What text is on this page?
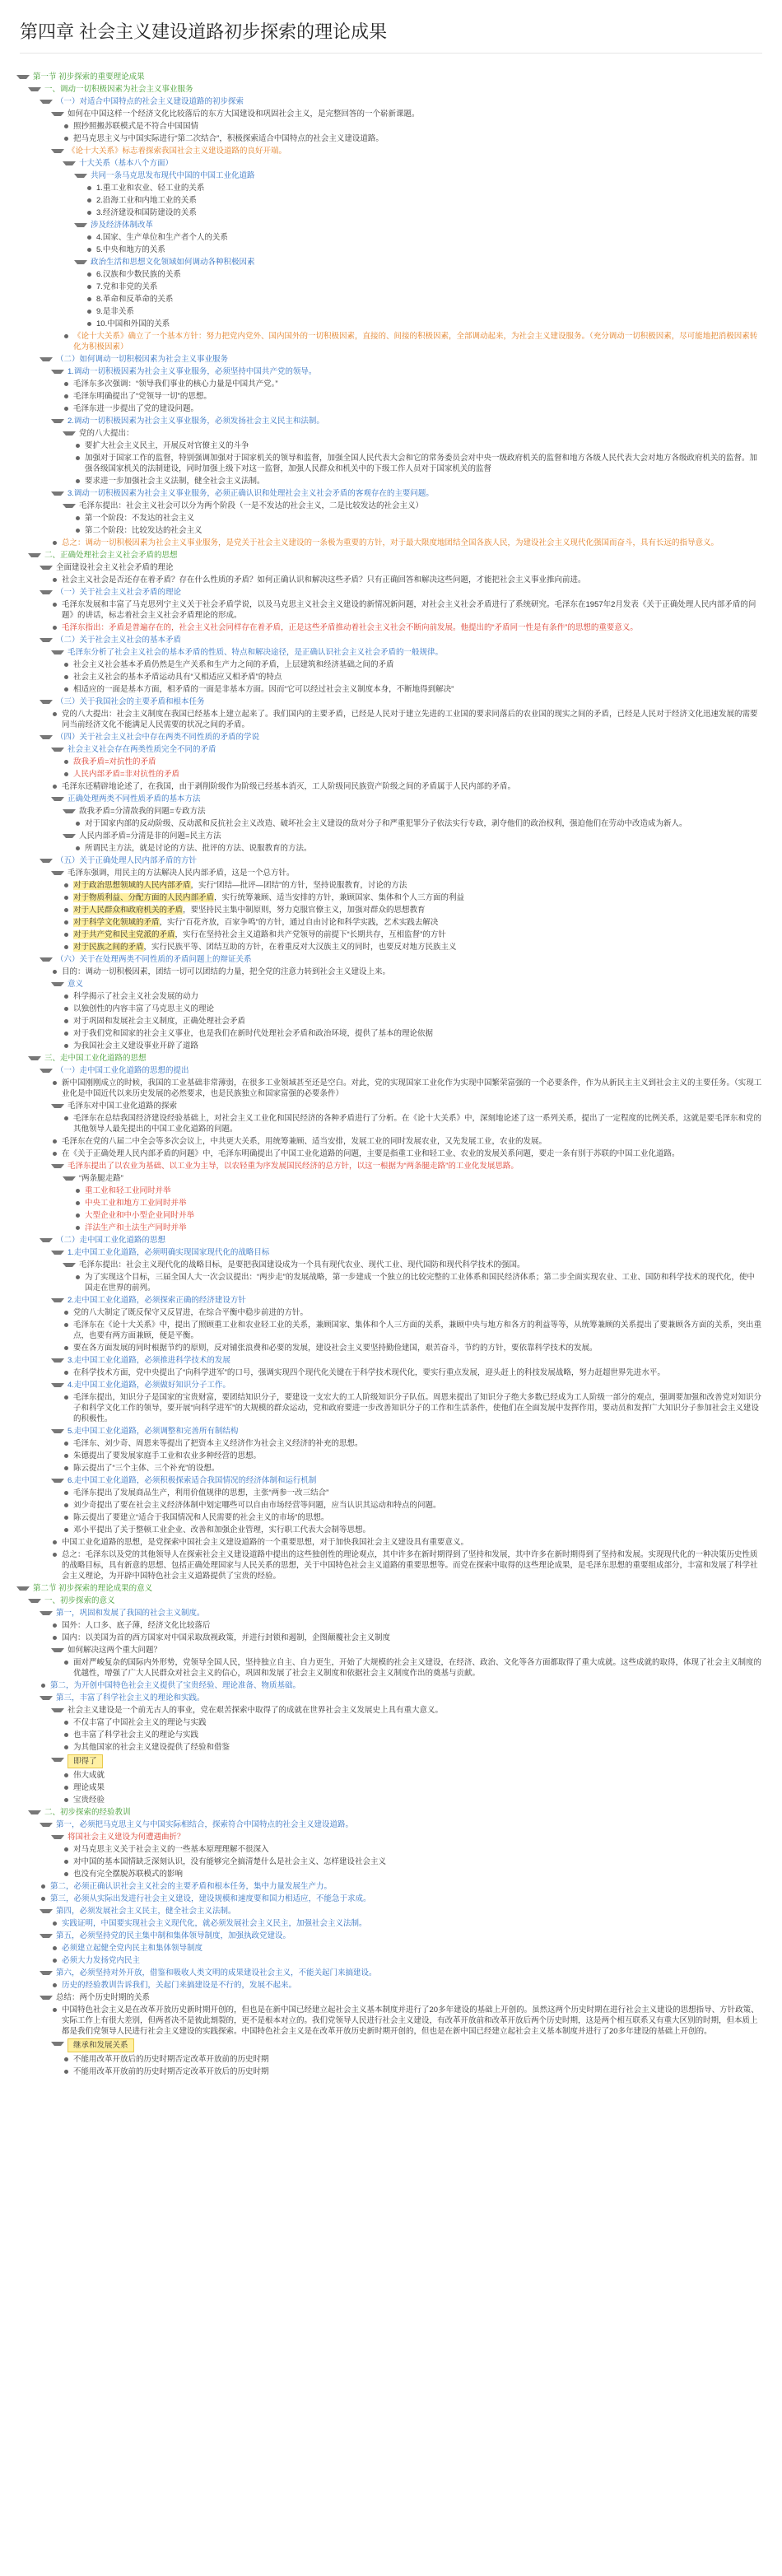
第四章 社会主义建设道路初步探索的理论成果
第一节 初步探索的重要理论成果
一、调动一切积极因素为社会主义事业服务
（一）对适合中国特点的社会主义建设道路的初步探索
如何在中国这样一个经济文化比较落后的东方大国建设和巩固社会主义，是完整回答的一个崭新课题。
照抄照搬苏联模式是不符合中国国情
把马克思主义与中国实际进行“第二次结合”，积极探索适合中国特点的社会主义建设道路。
《论十大关系》标志着探索我国社会主义建设道路的良好开端。
十大关系（基本八个方面）
共同一条马克思发布现代中国的中国工业化道路
1.重工业和农业、轻工业的关系
2.沿海工业和内地工业的关系
3.经济建设和国防建设的关系
涉及经济体制改革
4.国家、生产单位和生产者个人的关系
5.中央和地方的关系
政治生活和思想文化领域如何调动各种积极因素
6.汉族和少数民族的关系
7.党和非党的关系
8.革命和反革命的关系
9.是非关系
10.中国和外国的关系
《论十大关系》确立了一个基本方针：努力把党内党外、国内国外的一切积极因素，直接的、间接的积极因素，全部调动起来，为社会主义建设服务。（充分调动一切积极因素，尽可能地把消极因素转化为积极因素）
（二）如何调动一切积极因素为社会主义事业服务
1.调动一切积极因素为社会主义事业服务，必须坚持中国共产党的领导。
毛泽东多次强调：“领导我们事业的核心力量是中国共产党。”
毛泽东明确提出了“党领导一切”的思想。
毛泽东进一步提出了党的建设问题。
2.调动一切积极因素为社会主义事业服务，必须发扬社会主义民主和法制。
党的八大提出：
要扩大社会主义民主，开展反对官僚主义的斗争
加强对于国家工作的监督，特别强调加强对于国家机关的领导和监督，加强全国人民代表大会和它的常务委员会对中央一级政府机关的监督和地方各级人民代表大会对地方各级政府机关的监督。加强各级国家机关的法制建设，同时加强上级下对这一监督，加强人民群众和机关中的下级工作人员对于国家机关的监督
要求进一步加强社会主义法制，健全社会主义法制。
3.调动一切积极因素为社会主义事业服务，必须正确认识和处理社会主义社会矛盾的客观存在的主要问题。
毛泽东提出：社会主义社会可以分为两个阶段（一是不发达的社会主义，二是比较发达的社会主义）
第一个阶段：不发达的社会主义
第二个阶段：比较发达的社会主义
总之：调动一切积极因素为社会主义事业服务，是党关于社会主义建设的一条极为重要的方针，对于最大限度地团结全国各族人民，为建设社会主义现代化强国而奋斗，具有长远的指导意义。
二、正确处理社会主义社会矛盾的思想
全面建设社会主义社会矛盾的理论
社会主义社会是否还存在着矛盾？存在什么性质的矛盾？如何正确认识和解决这些矛盾？只有正确回答和解决这些问题，才能把社会主义事业推向前进。
（一）关于社会主义社会矛盾的理论
毛泽东发展和丰富了马克思列宁主义关于社会矛盾学说，以及马克思主义社会主义建设的新情况新问题，对社会主义社会矛盾进行了系统研究。毛泽东在1957年2月发表《关于正确处理人民内部矛盾的问题》的讲话，标志着社会主义社会矛盾理论的形成。
毛泽东指出：矛盾是普遍存在的，社会主义社会同样存在着矛盾，正是这些矛盾推动着社会主义社会不断向前发展。他提出的“矛盾同一性是有条件”的思想的重要意义。
（二）关于社会主义社会的基本矛盾
毛泽东分析了社会主义社会的基本矛盾的性质、特点和解决途径，是正确认识社会主义社会矛盾的一般规律。
社会主义社会基本矛盾仍然是生产关系和生产力之间的矛盾，上层建筑和经济基础之间的矛盾
社会主义社会的基本矛盾运动具有“又相适应又相矛盾”的特点
相适应的一面是基本方面，相矛盾的一面是非基本方面。因而“它可以经过社会主义制度本身，不断地得到解决”
（三）关于我国社会的主要矛盾和根本任务
党的八大提出：社会主义制度在我国已经基本上建立起来了。我们国内的主要矛盾，已经是人民对于建立先进的工业国的要求同落后的农业国的现实之间的矛盾，已经是人民对于经济文化迅速发展的需要同当前经济文化不能满足人民需要的状况之间的矛盾。
（四）关于社会主义社会中存在两类不同性质的矛盾的学说
社会主义社会存在两类性质完全不同的矛盾
敌我矛盾=对抗性的矛盾
人民内部矛盾=非对抗性的矛盾
毛泽东还精辟地论述了，在我国，由于剥削阶级作为阶级已经基本消灭，工人阶级同民族资产阶级之间的矛盾属于人民内部的矛盾。
正确处理两类不同性质矛盾的基本方法
敌我矛盾=分清敌我的问题=专政方法
对于国家内部的反动阶级、反动派和反抗社会主义改造、破坏社会主义建设的敌对分子和严重犯罪分子依法实行专政，剥夺他们的政治权利，强迫他们在劳动中改造成为新人。
人民内部矛盾=分清是非的问题=民主方法
所谓民主方法，就是讨论的方法、批评的方法、说服教育的方法。
（五）关于正确处理人民内部矛盾的方针
毛泽东强调，用民主的方法解决人民内部矛盾，这是一个总方针。
对于政治思想领域的人民内部矛盾，实行“团结—批评—团结”的方针，坚持说服教育，讨论的方法
对于物质利益、分配方面的人民内部矛盾，实行统筹兼顾、适当安排的方针，兼顾国家、集体和个人三方面的利益
对于人民群众和政府机关的矛盾，要坚持民主集中制原则，努力克服官僚主义，加强对群众的思想教育
对于科学文化领域的矛盾，实行“百花齐放，百家争鸣”的方针，通过自由讨论和科学实践，艺术实践去解决
对于共产党和民主党派的矛盾，实行在坚持社会主义道路和共产党领导的前提下“长期共存，互相监督”的方针
对于民族之间的矛盾，实行民族平等、团结互助的方针，在着重反对大汉族主义的同时，也要反对地方民族主义
（六）关于在处理两类不同性质的矛盾问题上的辩证关系
目的：调动一切积极因素，团结一切可以团结的力量，把全党的注意力转到社会主义建设上来。
意义
科学揭示了社会主义社会发展的动力
以独创性的内容丰富了马克思主义的理论
对于巩固和发展社会主义制度，正确处理社会矛盾
对于我们党和国家的社会主义事业，也是我们在新时代处理社会矛盾和政治环境，提供了基本的理论依据
为我国社会主义建设事业开辟了道路
三、走中国工业化道路的思想
（一）走中国工业化道路的思想的提出
新中国刚刚成立的时候，我国的工业基础非常薄弱，在很多工业领域甚至还是空白。对此，党的实现国家工业化作为实现中国繁荣富强的一个必要条件，作为从新民主主义到社会主义的主要任务。（实现工业化是中国近代以来历史发展的必然要求，也是民族独立和国家富强的必要条件）
毛泽东对中国工业化道路的探索
毛泽东在总结我国经济建设经验基础上，对社会主义工业化和国民经济的各种矛盾进行了分析。在《论十大关系》中，深刻地论述了这一系列关系，提出了一定程度的比例关系，这就是要毛泽东和党的其他领导人最先提出的中国工业化道路的问题。
毛泽东在党的八届二中全会等多次会议上，中共更大关系，用统筹兼顾、适当安排，发展工业的同时发展农业，又先发展工业，农业的发展。
在《关于正确处理人民内部矛盾的问题》中，毛泽东明确提出了中国工业化道路的问题，主要是指重工业和轻工业、农业的发展关系问题，要走一条有别于苏联的中国工业化道路。
毛泽东提出了以农业为基础、以工业为主导，以农轻重为序发展国民经济的总方针，以这一根据为“两条腿走路”的工业化发展思路。
“两条腿走路”
重工业和轻工业同时并举
中央工业和地方工业同时并举
大型企业和中小型企业同时并举
洋法生产和土法生产同时并举
（二）走中国工业化道路的思想
1.走中国工业化道路，必须明确实现国家现代化的战略目标
毛泽东提出：社会主义现代化的战略目标，是要把我国建设成为一个具有现代农业、现代工业、现代国防和现代科学技术的强国。
为了实现这个目标，三届全国人大一次会议提出：“两步走”的发展战略，第一步建成一个独立的比较完整的工业体系和国民经济体系；第二步全面实现农业、工业、国防和科学技术的现代化，使中国走在世界的前列。
2.走中国工业化道路，必须探索正确的经济建设方针
党的八大制定了既反保守又反冒进，在综合平衡中稳步前进的方针。
毛泽东在《论十大关系》中，提出了照顾重工业和农业轻工业的关系，兼顾国家、集体和个人三方面的关系，兼顾中央与地方和各方的利益等等，从统筹兼顾的关系提出了要兼顾各方面的关系，突出重点，也要有两方面兼顾，便是平衡。
要在各方面发展的同时根据节约的原则，反对铺张浪费和必要的发展，建设社会主义要坚持勤俭建国，艰苦奋斗，节约的方针，要依靠科学技术的发展。
3.走中国工业化道路，必须推进科学技术的发展
在科学技术方面，党中央提出了“向科学进军”的口号，强调实现四个现代化关键在于科学技术现代化，要实行重点发展，迎头赶上的科技发展战略，努力赶超世界先进水平。
4.走中国工业化道路，必须做好知识分子工作。
毛泽东提出，知识分子是国家的宝贵财富，要团结知识分子，要建设一支宏大的工人阶级知识分子队伍。周恩来提出了知识分子绝大多数已经成为工人阶级一部分的观点，强调要加强和改善党对知识分子和科学文化工作的领导，要开展“向科学进军”的大规模的群众运动，党和政府要进一步改善知识分子的工作和生活条件，使他们在全面发展中发挥作用，要动员和发挥广大知识分子参加社会主义建设的积极性。
5.走中国工业化道路，必须调整和完善所有制结构
毛泽东、刘少奇、周恩来等提出了把资本主义经济作为社会主义经济的补充的思想。
朱德提出了要发展家庭手工业和农业多种经营的思想。
陈云提出了“三个主体、三个补充”的设想。
6.走中国工业化道路，必须积极探索适合我国情况的经济体制和运行机制
毛泽东提出了发展商品生产，利用价值规律的思想，主张“两参一改三结合”
刘少奇提出了要在社会主义经济体制中划定哪些可以自由市场经营等问题，应当认识其运动和特点的问题。
陈云提出了要建立“适合于我国情况和人民需要的社会主义的市场”的思想。
邓小平提出了关于整顿工业企业、改善和加强企业管理，实行职工代表大会制等思想。
中国工业化道路的思想，是党探索中国社会主义建设道路的一个重要思想，对于加快我国社会主义建设具有重要意义。
总之：毛泽东以及党的其他领导人在探索社会主义建设道路中提出的这些独创性的理论观点，其中许多在新时期得到了坚持和发展，其中许多在新时期得到了坚持和发展。实现现代化的一种决策历史性质的战略目标，具有新意的思想、包括正确处理国家与人民关系的思想，关于中国特色社会主义道路的重要思想等。而党在探索中取得的这些理论成果，是毛泽东思想的重要组成部分，丰富和发展了科学社会主义理论，为开辟中国特色社会主义道路提供了宝贵的经验。
第二节 初步探索的理论成果的意义
一、初步探索的意义
第一，巩固和发展了我国的社会主义制度。
国外：人口多、底子薄，经济文化比较落后
国内：以美国为首的西方国家对中国采取敌视政策，并进行封锁和遏制，企图颠覆社会主义制度
如何解决这两个重大问题？
面对严峻复杂的国际内外形势，党领导全国人民，坚持独立自主、自力更生，开始了大规模的社会主义建设，在经济、政治、文化等各方面都取得了重大成就。这些成就的取得，体现了社会主义制度的优越性，增强了广大人民群众对社会主义的信心，巩固和发展了社会主义制度和依据社会主义制度作出的奠基与贡献。
第二，为开创中国特色社会主义提供了宝贵经验、理论准备、物质基础。
第三，丰富了科学社会主义的理论和实践。
社会主义建设是一个前无古人的事业，党在艰苦探索中取得了的成就在世界社会主义发展史上具有重大意义。
不仅丰富了中国社会主义的理论与实践
也丰富了科学社会主义的理论与实践
为其他国家的社会主义建设提供了经验和借鉴
即得了
伟大成就
理论成果
宝贵经验
二、初步探索的经验教训
第一，必须把马克思主义与中国实际相结合，探索符合中国特点的社会主义建设道路。
将国社会主义建设为何遭遇曲折？
对马克思主义关于社会主义的一些基本原理理解不很深入
对中国的基本国情缺乏深刻认识，没有能够完全搞清楚什么是社会主义、怎样建设社会主义
也没有完全摆脱苏联模式的影响
第二，必须正确认识社会主义社会的主要矛盾和根本任务，集中力量发展生产力。
第三，必须从实际出发进行社会主义建设，建设规模和速度要和国力相适应，不能急于求成。
第四，必须发展社会主义民主，健全社会主义法制。
实践证明，中国要实现社会主义现代化，就必须发展社会主义民主，加强社会主义法制。
第五，必须坚持党的民主集中制和集体领导制度，加强执政党建设。
必须建立起健全党内民主和集体领导制度
必须大力发扬党内民主
第六，必须坚持对外开放，借鉴和吸收人类文明的成果建设社会主义，不能关起门来搞建设。
历史的经验教训告诉我们，关起门来搞建设是不行的，发展不起来。
总结：两个历史时期的关系
中国特色社会主义是在改革开放历史新时期开创的，但也是在新中国已经建立起社会主义基本制度并进行了20多年建设的基础上开创的。虽然这两个历史时期在进行社会主义建设的思想指导、方针政策、实际工作上有很大差别，但两者决不是彼此割裂的，更不是根本对立的。我们党领导人民进行社会主义建设，有改革开放前和改革开放后两个历史时期，这是两个相互联系又有重大区别的时期，但本质上都是我们党领导人民进行社会主义建设的实践探索。中国特色社会主义是在改革开放历史新时期开创的，但也是在新中国已经建立起社会主义基本制度并进行了20多年建设的基础上开创的。
继承和发展关系
不能用改革开放后的历史时期否定改革开放前的历史时期
不能用改革开放前的历史时期否定改革开放后的历史时期
